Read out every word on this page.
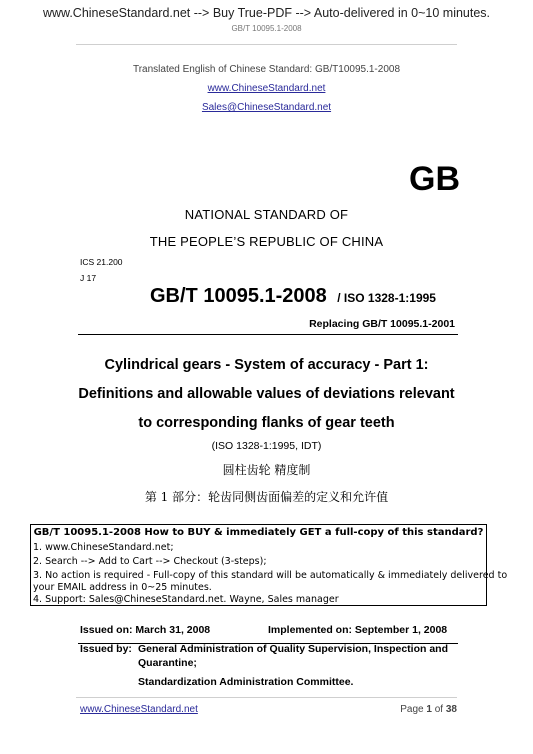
www.ChineseStandard.net --> Buy True-PDF --> Auto-delivered in 0~10 minutes.
GB/T 10095.1-2008
Translated English of Chinese Standard: GB/T10095.1-2008
www.ChineseStandard.net
Sales@ChineseStandard.net
GB
NATIONAL STANDARD OF
THE PEOPLE’S REPUBLIC OF CHINA
ICS 21.200
J 17
GB/T 10095.1-2008 / ISO 1328-1:1995
Replacing GB/T 10095.1-2001
Cylindrical gears - System of accuracy - Part 1:
Definitions and allowable values of deviations relevant
to corresponding flanks of gear teeth
(ISO 1328-1:1995, IDT)
圆柱齿轮 精度制
第 1 部分：轮齿同侧齿面偏差的定义和允许值
GB/T 10095.1-2008 How to BUY & immediately GET a full-copy of this standard?
1. www.ChineseStandard.net;
2. Search --> Add to Cart --> Checkout (3-steps);
3. No action is required - Full-copy of this standard will be automatically & immediately delivered to
your EMAIL address in 0~25 minutes.
4. Support: Sales@ChineseStandard.net. Wayne, Sales manager
Issued on: March 31, 2008	Implemented on: September 1, 2008
Issued by: General Administration of Quality Supervision, Inspection and
Quarantine;
Standardization Administration Committee.
www.ChineseStandard.net	Page 1 of 38
